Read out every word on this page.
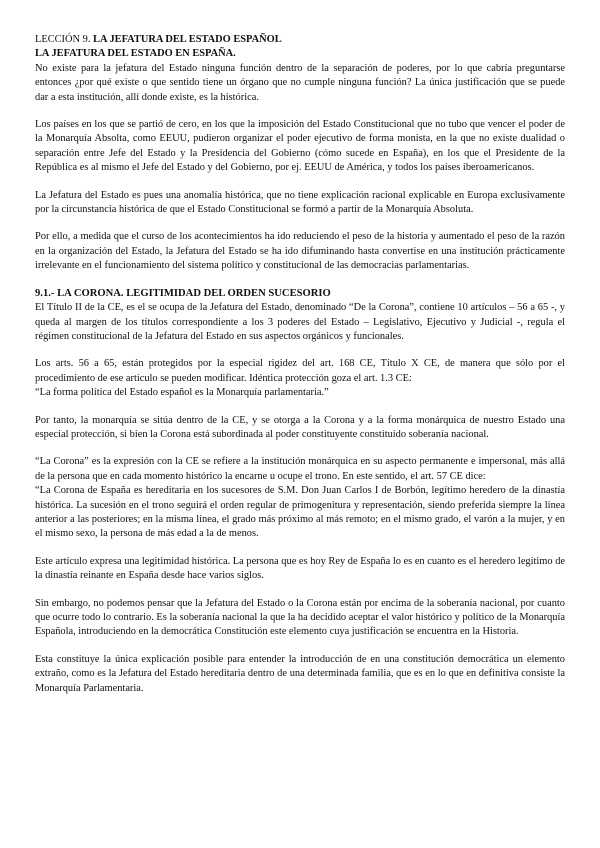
LECCIÓN 9. LA JEFATURA DEL ESTADO ESPAÑOL
LA JEFATURA DEL ESTADO EN ESPAÑA.

No existe para la jefatura del Estado ninguna función dentro de la separación de poderes, por lo que cabría preguntarse entonces ¿por qué existe o que sentido tiene un órgano que no cumple ninguna función? La única justificación que se puede dar a esta institución, allí donde existe, es la histórica.

Los países en los que se partió de cero, en los que la imposición del Estado Constitucional que no tubo que vencer el poder de la Monarquía Absolta, como EEUU, pudieron organizar el poder ejecutivo de forma monista, en la que no existe dualidad o separación entre Jefe del Estado y la Presidencia del Gobierno (cómo sucede en España), en los que el Presidente de la República es al mismo el Jefe del Estado y del Gobierno, por ej. EEUU de América, y todos los países iberoamericanos.

La Jefatura del Estado es pues una anomalía histórica, que no tiene explicación racional explicable en Europa exclusivamente por la circunstancia histórica de que el Estado Constitucional se formó a partir de la Monarquía Absoluta.

Por ello, a medida que el curso de los acontecimientos ha ido reduciendo el peso de la historia y aumentado el peso de la razón en la organización del Estado, la Jefatura del Estado se ha ido difuminando hasta convertise en una institución prácticamente irrelevante en el funcionamiento del sistema político y constitucional de las democracias parlamentarias.

9.1.- LA CORONA. LEGITIMIDAD DEL ORDEN SUCESORIO

El Título II de la CE, es el se ocupa de la Jefatura del Estado, denominado “De la Corona”, contiene 10 artículos – 56 a 65 -, y queda al margen de los títulos correspondiente a los 3 poderes del Estado – Legislativo, Ejecutivo y Judicial -, regula el régimen constitucional de la Jefatura del Estado en sus aspectos orgánicos y funcionales.

Los arts. 56 a 65, están protegidos por la especial rigidez del art. 168 CE, Título X CE, de manera que sólo por el procedimiento de ese artículo se pueden modificar. Idéntica protección goza el art. 1.3 CE:

“La forma política del Estado español es la Monarquía parlamentaria.”

Por tanto, la monarquía se sitúa dentro de la CE, y se otorga a la Corona y a la forma monárquica de nuestro Estado una especial protección, si bien la Corona está subordinada al poder constituyente constituido soberanía nacional.

“La Corona” es la expresión con la CE se refiere a la institución monárquica en su aspecto permanente e impersonal, más allá de la persona que en cada momento histórico la encarne u ocupe el trono. En este sentido, el art. 57 CE dice:

“La Corona de España es hereditaria en los sucesores de S.M. Don Juan Carlos I de Borbón, legítimo heredero de la dinastía histórica. La sucesión en el trono seguirá el orden regular de primogenitura y representación, siendo preferida siempre la línea anterior a las posteriores; en la misma línea, el grado más próximo al más remoto; en el mismo grado, el varón a la mujer, y en el mismo sexo, la persona de más edad a la de menos.

Este artículo expresa una legitimidad histórica. La persona que es hoy Rey de España lo es en cuanto es el heredero legítimo de la dinastía reinante en España desde hace varios siglos.

Sin embargo, no podemos pensar que la Jefatura del Estado o la Corona están por encima de la soberanía nacional, por cuanto que ocurre todo lo contrario. Es la soberanía nacional la que la ha decidido aceptar el valor histórico y político de la Monarquía Española, introduciendo en la democrática Constitución este elemento cuya justificación se encuentra en la Historia.

Esta constituye la única explicación posible para entender la introducción de en una constitución democrática un elemento extraño, como es la Jefatura del Estado hereditaria dentro de una determinada familia, que es en lo que en definitiva consiste la Monarquía Parlamentaria.
